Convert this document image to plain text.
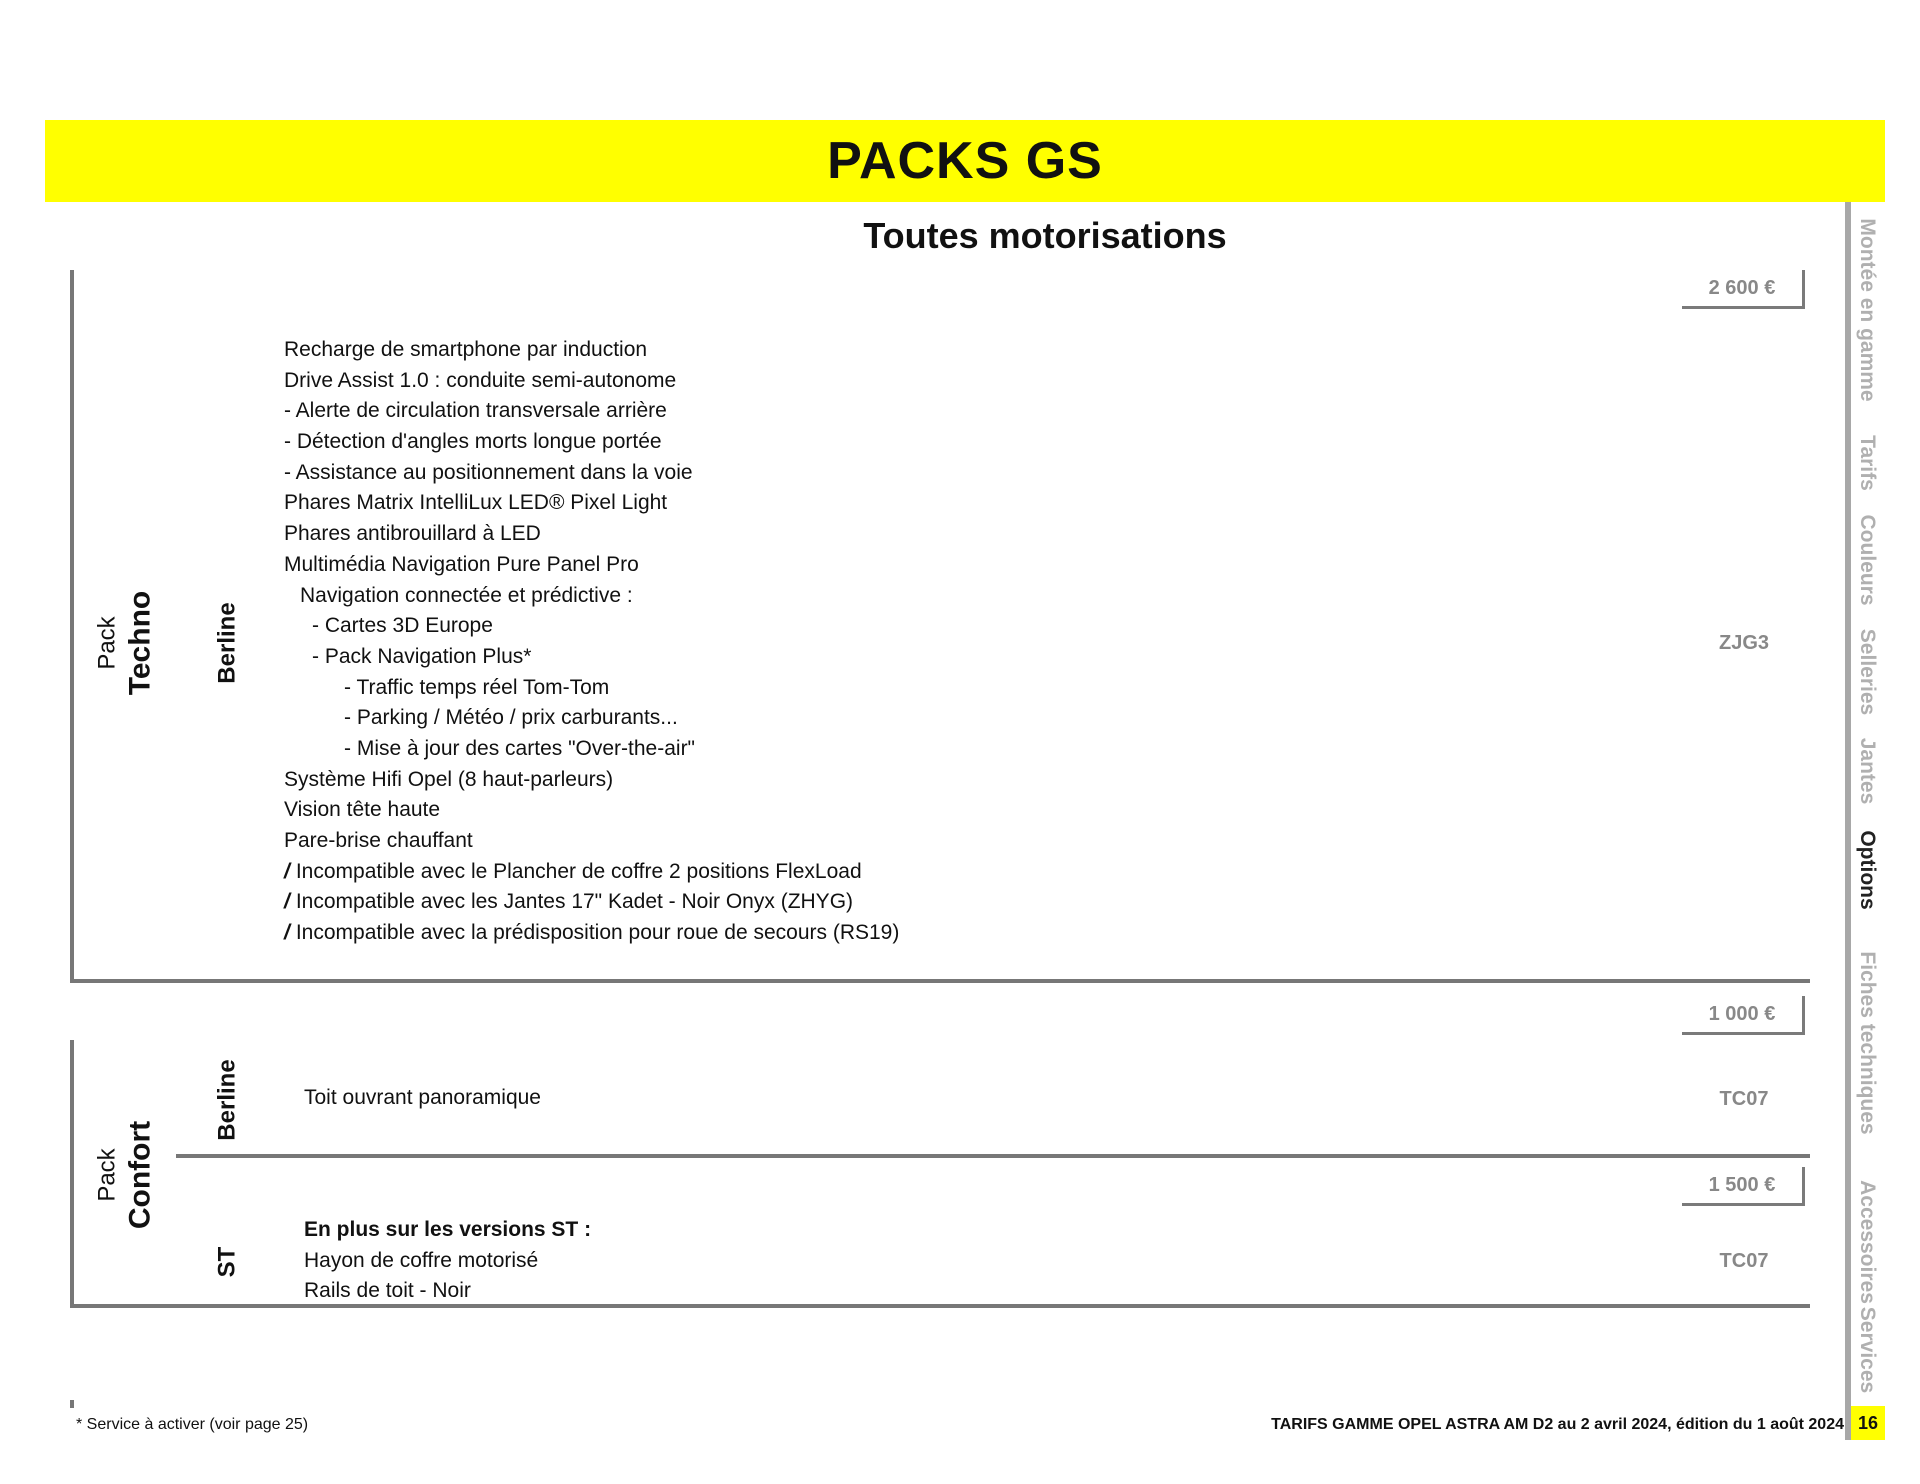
PACKS GS
Toutes motorisations
Pack Techno Berline
2 600 €
ZJG3
Recharge de smartphone par induction
Drive Assist 1.0 : conduite semi-autonome
- Alerte de circulation transversale arrière
- Détection d'angles morts longue portée
- Assistance au positionnement dans la voie
Phares Matrix IntelliLux LED® Pixel Light
Phares antibrouillard à LED
Multimédia Navigation Pure Panel Pro
Navigation connectée et prédictive :
- Cartes 3D Europe
- Pack Navigation Plus*
- Traffic temps réel Tom-Tom
- Parking / Météo / prix carburants...
- Mise à jour des cartes "Over-the-air"
Système Hifi Opel (8 haut-parleurs)
Vision tête haute
Pare-brise chauffant
/ Incompatible avec le Plancher de coffre 2 positions FlexLoad
/ Incompatible avec les Jantes 17" Kadet - Noir Onyx (ZHYG)
/ Incompatible avec la prédisposition pour roue de secours (RS19)
Pack Confort
Berline
1 000 €
TC07
Toit ouvrant panoramique
ST
1 500 €
TC07
En plus sur les versions ST :
Hayon de coffre motorisé
Rails de toit - Noir
Montée en gamme
Tarifs
Couleurs
Selleries
Jantes
Options
Fiches techniques
Accessoires
Services
* Service à activer (voir page 25)	TARIFS GAMME OPEL ASTRA AM D2 au 2 avril 2024, édition du 1 août 2024 16
